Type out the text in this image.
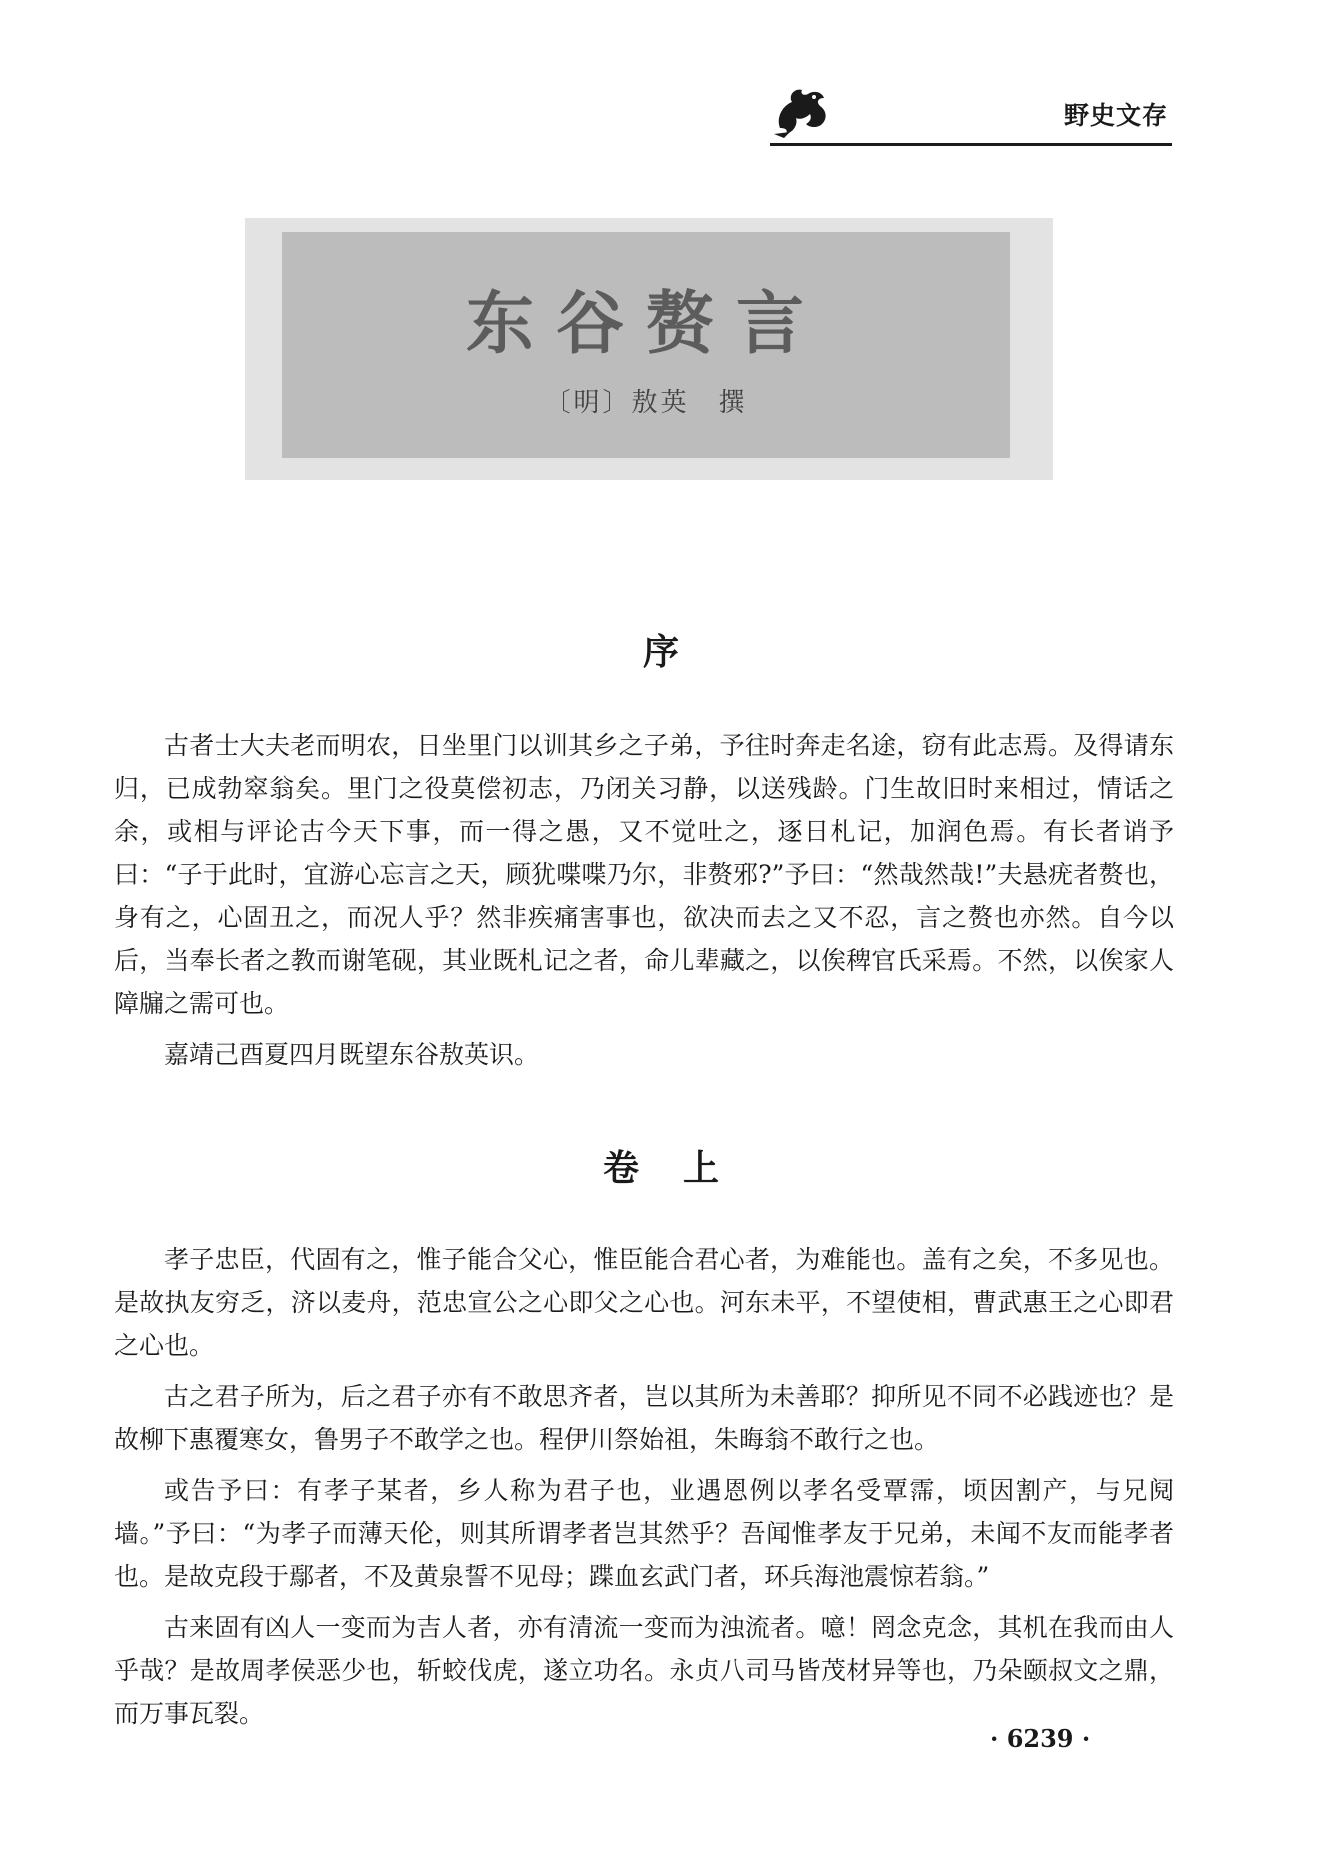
野史文存
东谷赘言
〔明〕敖英　撰
序

古者士大夫老而明农，日坐里门以训其乡之子弟，予往时奔走名途，窃有此志焉。及得请东归，已成勃窣翁矣。里门之役莫偿初志，乃闭关习静，以送残龄。门生故旧时来相过，情话之余，或相与评论古今天下事，而一得之愚，又不觉吐之，逐日札记，加润色焉。有长者诮予曰：“子于此时，宜游心忘言之天，顾犹喋喋乃尔，非赘邪?”予曰：“然哉然哉!”夫悬疣者赘也，身有之，心固丑之，而况人乎？然非疾痛害事也，欲决而去之又不忍，言之赘也亦然。自今以后，当奉长者之教而谢笔砚，其业既札记之者，命儿辈藏之，以俟稗官氏采焉。不然，以俟家人障牖之需可也。

嘉靖己酉夏四月既望东谷敖英识。

卷上

孝子忠臣，代固有之，惟子能合父心，惟臣能合君心者，为难能也。盖有之矣，不多见也。是故执友穷乏，济以麦舟，范忠宣公之心即父之心也。河东未平，不望使相，曹武惠王之心即君之心也。

古之君子所为，后之君子亦有不敢思齐者，岂以其所为未善耶？抑所见不同不必践迹也？是故柳下惠覆寒女，鲁男子不敢学之也。程伊川祭始祖，朱晦翁不敢行之也。

或告予曰：有孝子某者，乡人称为君子也，业遇恩例以孝名受覃霈，顷因割产，与兄阋墙。”予曰：“为孝子而薄天伦，则其所谓孝者岂其然乎？吾闻惟孝友于兄弟，未闻不友而能孝者也。是故克段于鄢者，不及黄泉誓不见母；蹀血玄武门者，环兵海池震惊若翁。”

古来固有凶人一变而为吉人者，亦有清流一变而为浊流者。噫！罔念克念，其机在我而由人乎哉？是故周孝侯恶少也，斩蛟伐虎，遂立功名。永贞八司马皆茂材异等也，乃朵颐叔文之鼎，而万事瓦裂。

· 6239 ·
